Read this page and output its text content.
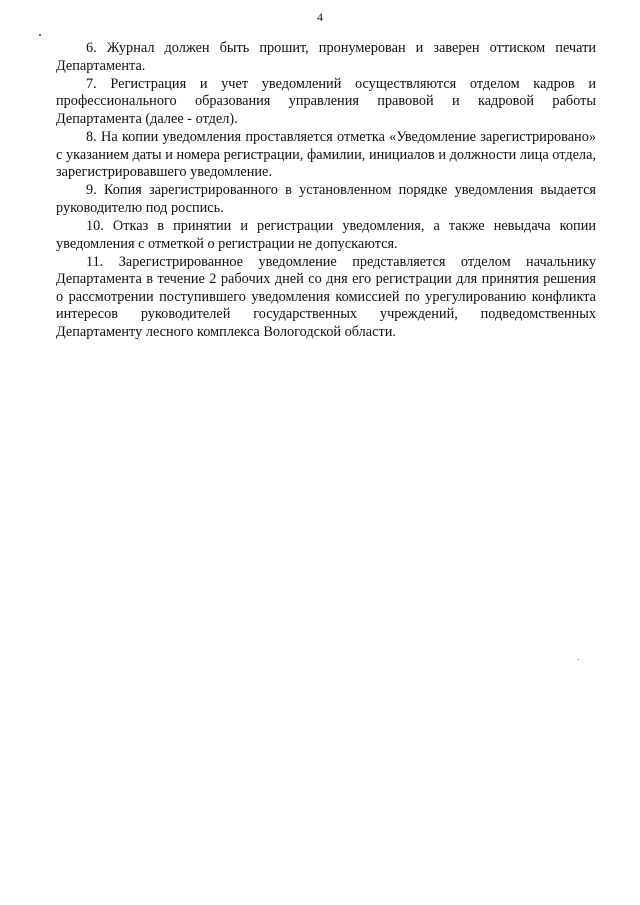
4

6. Журнал должен быть прошит, пронумерован и заверен оттиском печати Департамента.

7. Регистрация и учет уведомлений осуществляются отделом кадров и профессионального образования управления правовой и кадровой работы Департамента (далее - отдел).

8. На копии уведомления проставляется отметка «Уведомление зарегистрировано» с указанием даты и номера регистрации, фамилии, инициалов и должности лица отдела, зарегистрировавшего уведомление.

9. Копия зарегистрированного в установленном порядке уведомления выдается руководителю под роспись.

10. Отказ в принятии и регистрации уведомления, а также невыдача копии уведомления с отметкой о регистрации не допускаются.

11. Зарегистрированное уведомление представляется отделом начальнику Департамента в течение 2 рабочих дней со дня его регистрации для принятия решения о рассмотрении поступившего уведомления комиссией по урегулированию конфликта интересов руководителей государственных учреждений, подведомственных Департаменту лесного комплекса Вологодской области.
